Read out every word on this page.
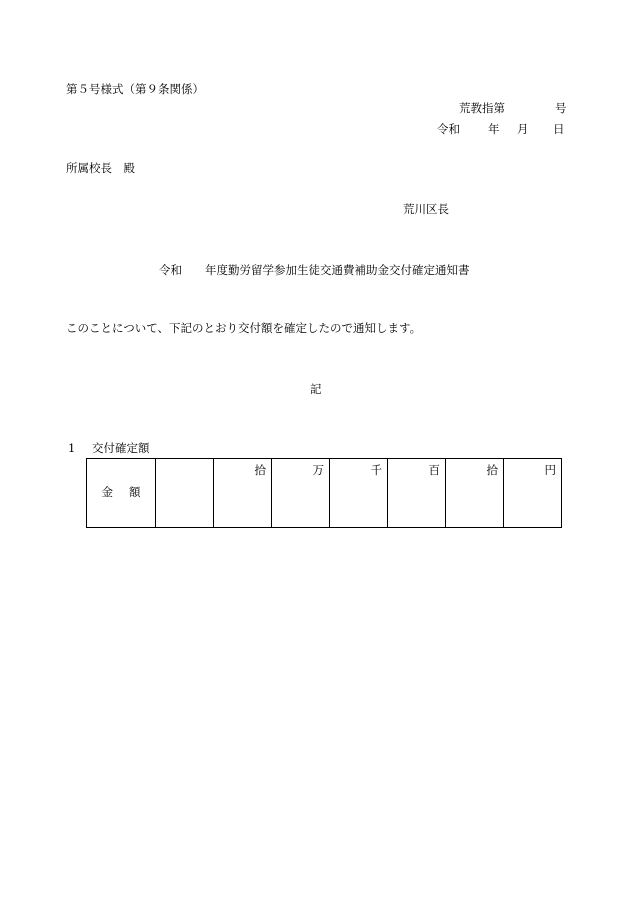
第５号様式（第９条関係）
荒教指第	号
令和 年 月 日
所属校長　殿
荒川区長
令和 年度勤労留学参加生徒交通費補助金交付確定通知書
このことについて、下記のとおり交付額を確定したので通知します。
記
1 交付確定額
金額		拾	万	千	百	拾	円
